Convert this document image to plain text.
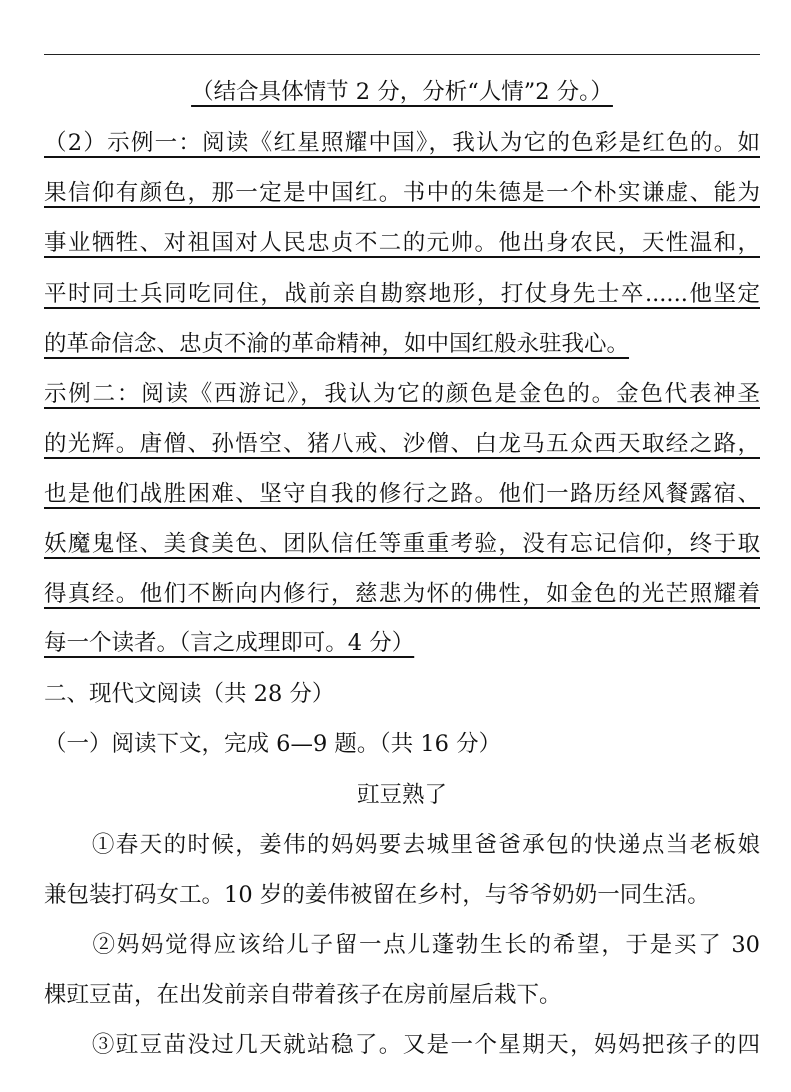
（结合具体情节 2 分，分析“人情”2 分。）
（2）示例一：阅读《红星照耀中国》，我认为它的色彩是红色的。如
果信仰有颜色，那一定是中国红。书中的朱德是一个朴实谦虚、能为
事业牺牲、对祖国对人民忠贞不二的元帅。他出身农民，天性温和，
平时同士兵同吃同住，战前亲自勘察地形，打仗身先士卒......他坚定
的革命信念、忠贞不渝的革命精神，如中国红般永驻我心。
示例二：阅读《西游记》，我认为它的颜色是金色的。金色代表神圣
的光辉。唐僧、孙悟空、猪八戒、沙僧、白龙马五众西天取经之路，
也是他们战胜困难、坚守自我的修行之路。他们一路历经风餐露宿、
妖魔鬼怪、美食美色、团队信任等重重考验，没有忘记信仰，终于取
得真经。他们不断向内修行，慈悲为怀的佛性，如金色的光芒照耀着
每一个读者。（言之成理即可。4 分）
二、现代文阅读（共 28 分）
（一）阅读下文，完成 6—9 题。（共 16 分）
豇豆熟了
　　①春天的时候，姜伟的妈妈要去城里爸爸承包的快递点当老板娘
兼包装打码女工。10 岁的姜伟被留在乡村，与爷爷奶奶一同生活。
　　②妈妈觉得应该给儿子留一点儿蓬勃生长的希望，于是买了 30
棵豇豆苗，在出发前亲自带着孩子在房前屋后栽下。
　　③豇豆苗没过几天就站稳了。又是一个星期天，妈妈把孩子的四
